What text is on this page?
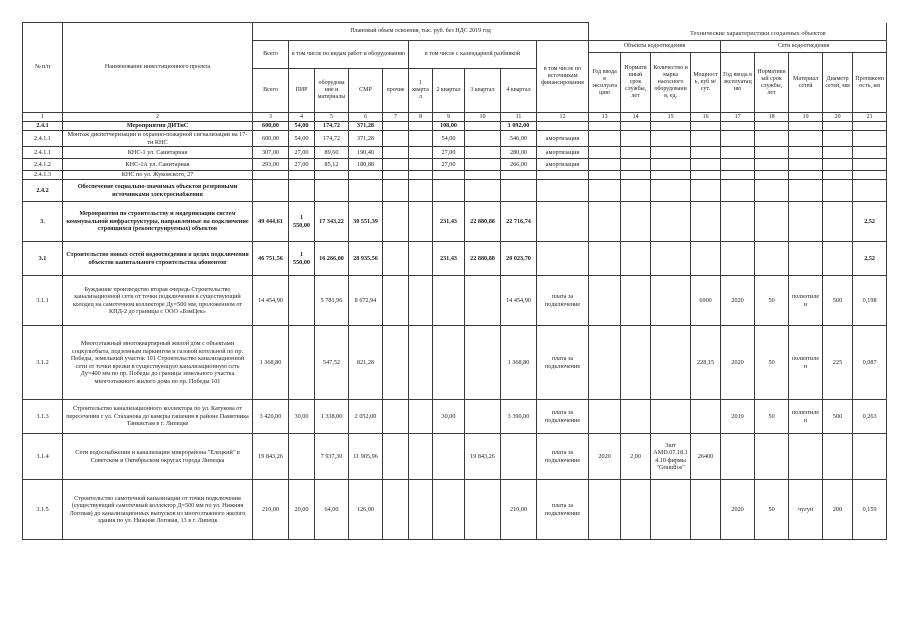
Технические характеристики созданных объектов
№ п/п	Наименование инвестиционного проекта	Плановый объем освоения, тыс. руб. без НДС 2019 год																		
		Всего	в том числе по видам работ и оборудованию				в том числе с календарной разбивкой				в том числе по источникам финансирования	Объекты водоотведения				Сети водоотведения				
												Год ввода в эксплуатацию	Нормативный срок службы, лет	Количество и марка насосного оборудования, ед.	Мощность, куб м/сут.	Год ввода в эксплуатацию	Нормативный срок службы, лет	Материал сетей	Диаметр сетей, мм	Протяженность, км
		Всего	ПИР	оборудование и материалы	СМР	прочие	1 квартал	2 квартал	3 квартал	4 квартал										
1	2	3	4	5	6	7	8	9	10	11	12	13	14	15	16	17	18	19	20	21
2.4.1	Мероприятия ДИТиС	600,00	54,00	174,72	371,28			108,00		1 092,00										
2.4.1.1	Монтаж диспетчеризации и охранно-пожарной сигнализации на 17-ти КНС	600,00	54,00	174,72	371,28			54,00		546,00	амортизация									
2.4.1.1	КНС-1 ул. Санитарная	307,00	27,00	89,60	190,40			27,00		280,00	амортизация									
2.4.1.2	КНС-1А ул. Санитарная	293,00	27,00	85,12	180,88			27,00		266,00	амортизация									
2.4.1.3	КНС по ул. Жуковского, 27																			
2.4.2	Обеспечение социально-значимых объектов резервными источниками электроснабжения																			
3.	Мероприятия по строительству и модернизации систем коммунальной инфраструктуры, направленные на подключение строящихся (реконструируемых) объектов	49 444,61	1 550,00	17 343,22	30 551,39			231,43	22 880,88	22 716,74										2,52
3.1	Строительство новых сетей водоотведения в целях подключения объектов капитального строительства абонентов	46 751,56	1 550,00	16 266,00	28 935,56			231,43	22 880,88	20 023,70										2,52
3.1.1	Буждашие производство вторая очередь Строительство канализационной сети от точки подключения в существующий колодец на самотечном коллекторе Ду=500 мм, проложенном от КПД-2 до границы с ООО «БэмЦек»	14 454,90		5 781,96	8 672,94					14 454,90	плата за подключение				6900	2020	50	полиэтилен	500	0,198
3.1.2	Многоэтажный многоквартирный жилой дом с объектами соцкультбыта, подземным паркингом и газовой котельной по пр. Победы, земельный участок 101 Строительство канализационной сети от точки врезки в существующую канализационную сеть Ду=400 мм по пр. Победы до границы земельного участка многоэтажного жилого дома по пр. Победы 101	1 368,80		547,52	821,28					1 368,80	плата за подключение				228,15	2020	50	полиэтилен	225	0,087
3.1.3	Строительство канализационного коллектора по ул. Катукова от пересечения с ул. Стаханова до камеры гашения в районе Памятника Танкистам в г. Липецке	3 420,00	30,00	1 338,00	2 052,00			30,00		3 390,00	плата за подключение					2019	50	полиэтилен	500	0,263
3.1.4	Сети водоснабжения и канализации микрорайона "Елецкий" в Советском и Октябрьском округах города Липецка	19 843,26		7 937,30	11 905,96				19 843,26		плата за подключение	2020	2,00	3шт AMD.07.18.14.10 фирмы "Grundfos"	26400					
3.1.5	Строительство самотечной канализации от точки подключения (существующий самотечный коллектор Д=500 мм по ул. Нижняя Логовая) до канализационных выпусков из многоэтажного жилого здания по ул. Нижняя Логовая, 13 в г. Липецк	210,00	20,00	64,00	126,00					210,00	плата за подключение					2020	50	чугун	200	0,159
